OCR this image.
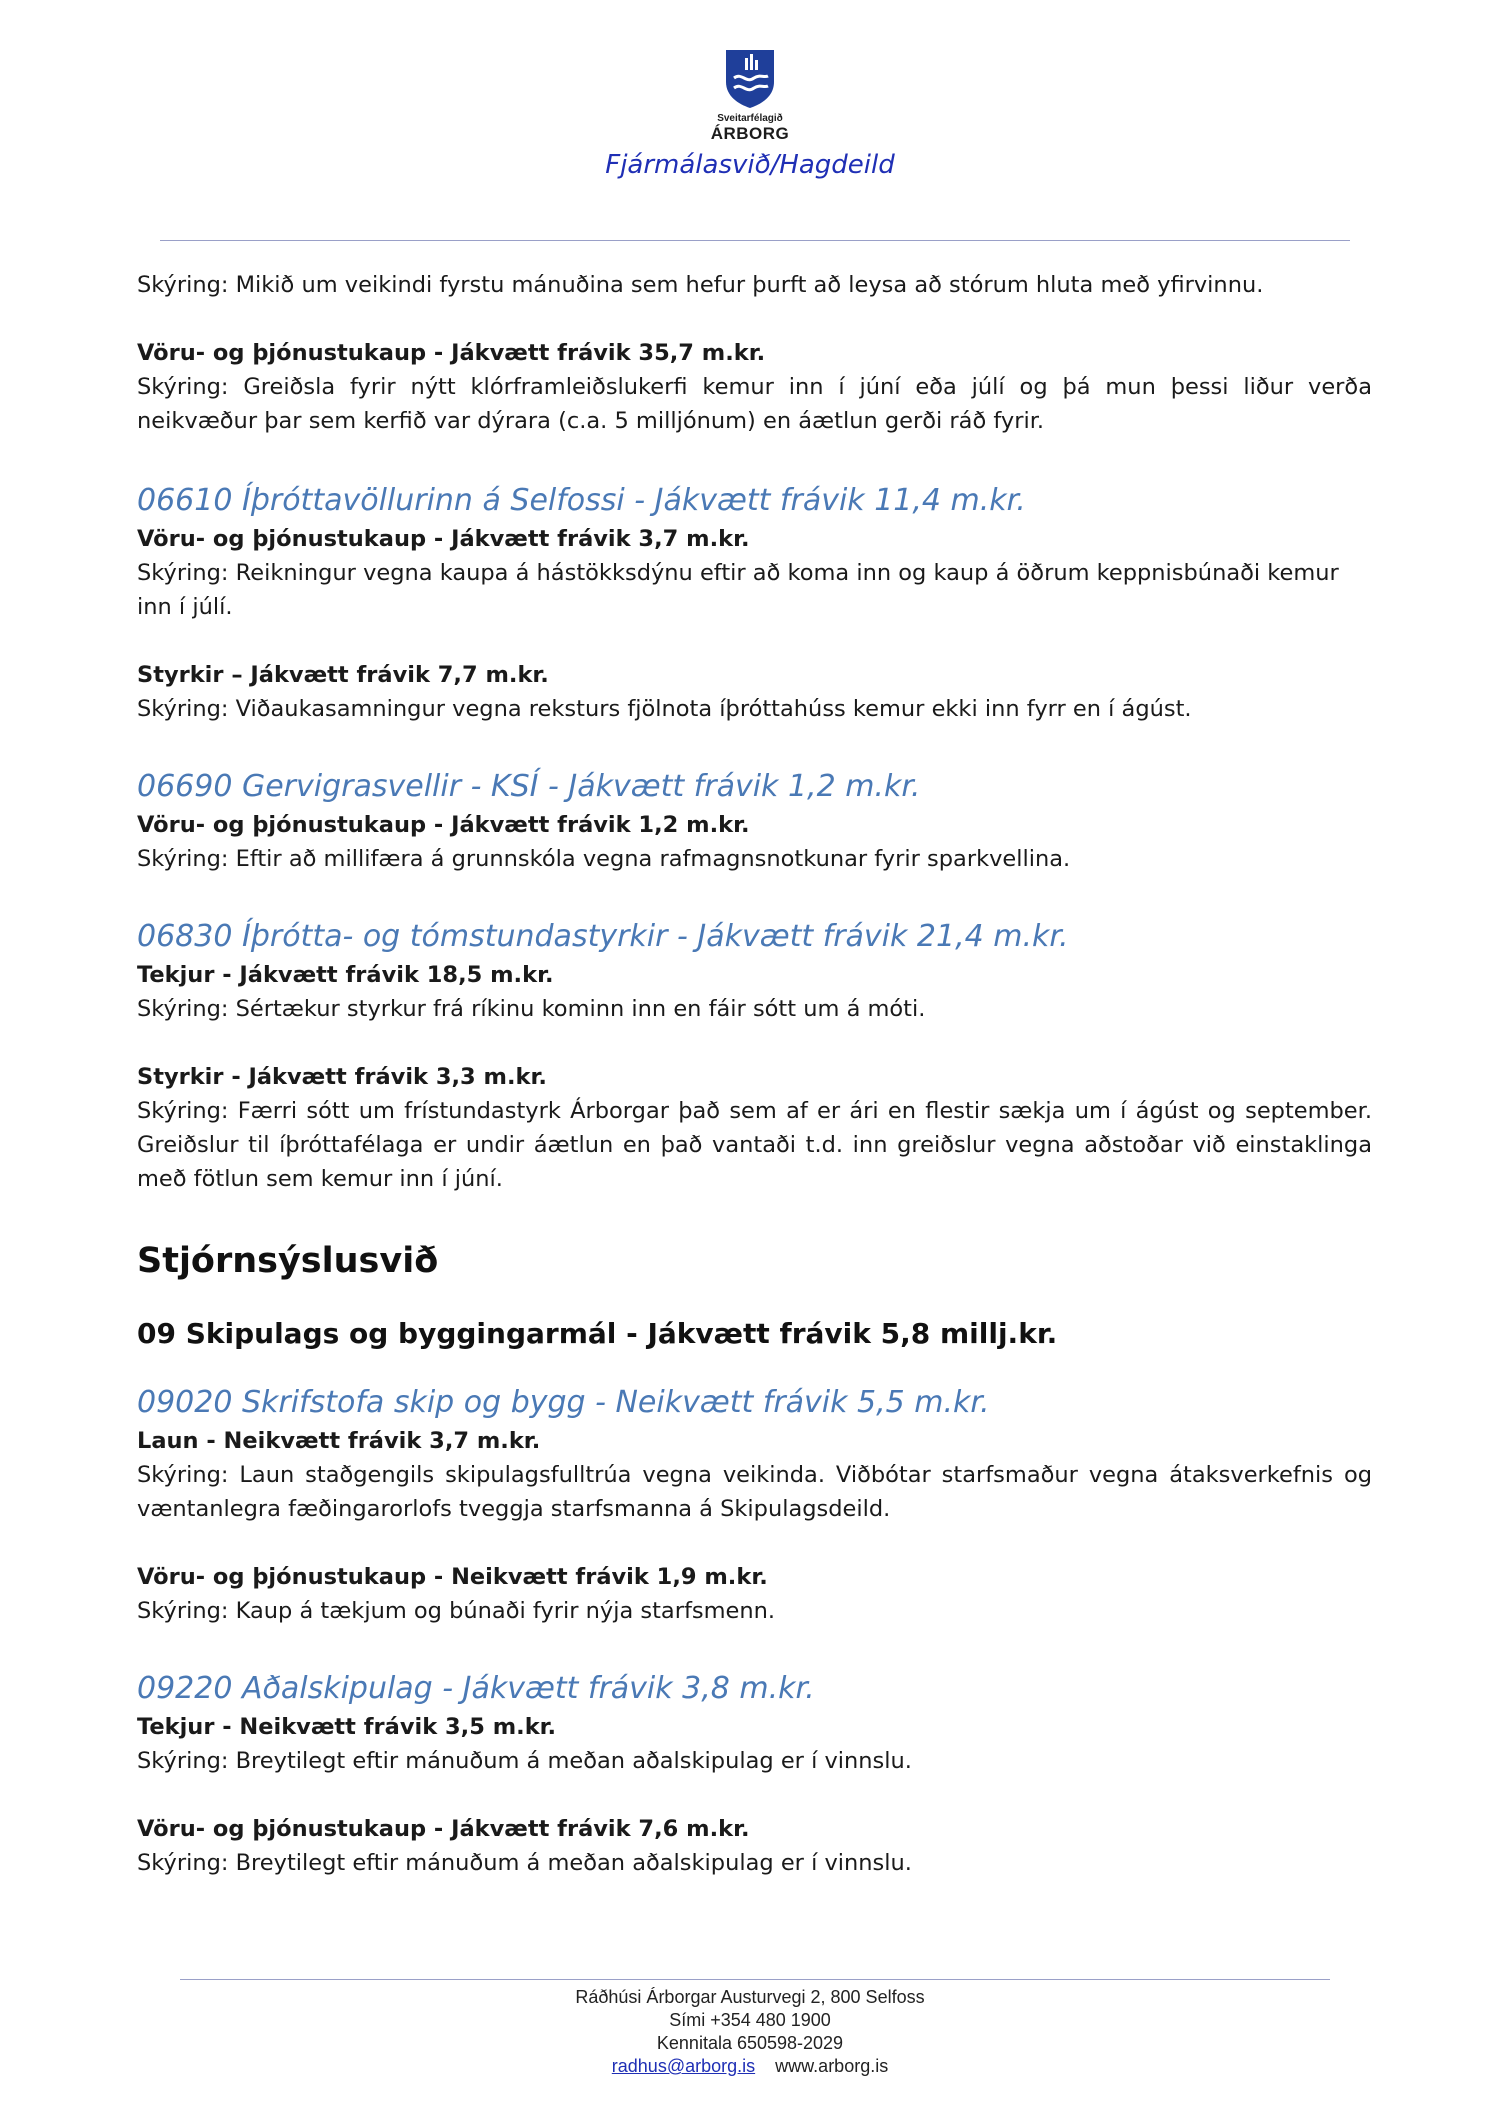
Sveitarfélagið
ÁRBORG
Fjármálasvið/Hagdeild

Skýring: Mikið um veikindi fyrstu mánuðina sem hefur þurft að leysa að stórum hluta með yfirvinnu.

Vöru- og þjónustukaup - Jákvætt frávik 35,7 m.kr.

Skýring: Greiðsla fyrir nýtt klórframleiðslukerfi kemur inn í júní eða júlí og þá mun þessi liður verða neikvæður þar sem kerfið var dýrara (c.a. 5 milljónum) en áætlun gerði ráð fyrir.

06610 Íþróttavöllurinn á Selfossi - Jákvætt frávik 11,4 m.kr.

Vöru- og þjónustukaup - Jákvætt frávik 3,7 m.kr.

Skýring: Reikningur vegna kaupa á hástökksdýnu eftir að koma inn og kaup á öðrum keppnisbúnaði kemur inn í júlí.

Styrkir – Jákvætt frávik 7,7 m.kr.

Skýring: Viðaukasamningur vegna reksturs fjölnota íþróttahúss kemur ekki inn fyrr en í ágúst.

06690 Gervigrasvellir - KSÍ - Jákvætt frávik 1,2 m.kr.

Vöru- og þjónustukaup - Jákvætt frávik 1,2 m.kr.

Skýring: Eftir að millifæra á grunnskóla vegna rafmagnsnotkunar fyrir sparkvellina.

06830 Íþrótta- og tómstundastyrkir - Jákvætt frávik 21,4 m.kr.

Tekjur - Jákvætt frávik 18,5 m.kr.

Skýring: Sértækur styrkur frá ríkinu kominn inn en fáir sótt um á móti.

Styrkir - Jákvætt frávik 3,3 m.kr.

Skýring: Færri sótt um frístundastyrk Árborgar það sem af er ári en flestir sækja um í ágúst og september. Greiðslur til íþróttafélaga er undir áætlun en það vantaði t.d. inn greiðslur vegna aðstoðar við einstaklinga með fötlun sem kemur inn í júní.

Stjórnsýslusvið

09 Skipulags og byggingarmál - Jákvætt frávik 5,8 millj.kr.

09020 Skrifstofa skip og bygg - Neikvætt frávik 5,5 m.kr.

Laun - Neikvætt frávik 3,7 m.kr.

Skýring: Laun staðgengils skipulagsfulltrúa vegna veikinda. Viðbótar starfsmaður vegna átaksverkefnis og væntanlegra fæðingarorlofs tveggja starfsmanna á Skipulagsdeild.

Vöru- og þjónustukaup - Neikvætt frávik 1,9 m.kr.

Skýring: Kaup á tækjum og búnaði fyrir nýja starfsmenn.

09220 Aðalskipulag - Jákvætt frávik 3,8 m.kr.

Tekjur - Neikvætt frávik 3,5 m.kr.

Skýring: Breytilegt eftir mánuðum á meðan aðalskipulag er í vinnslu.

Vöru- og þjónustukaup - Jákvætt frávik 7,6 m.kr.

Skýring: Breytilegt eftir mánuðum á meðan aðalskipulag er í vinnslu.

Ráðhúsi Árborgar Austurvegi 2, 800 Selfoss
Sími +354 480 1900
Kennitala 650598-2029
radhus@arborg.is www.arborg.is
